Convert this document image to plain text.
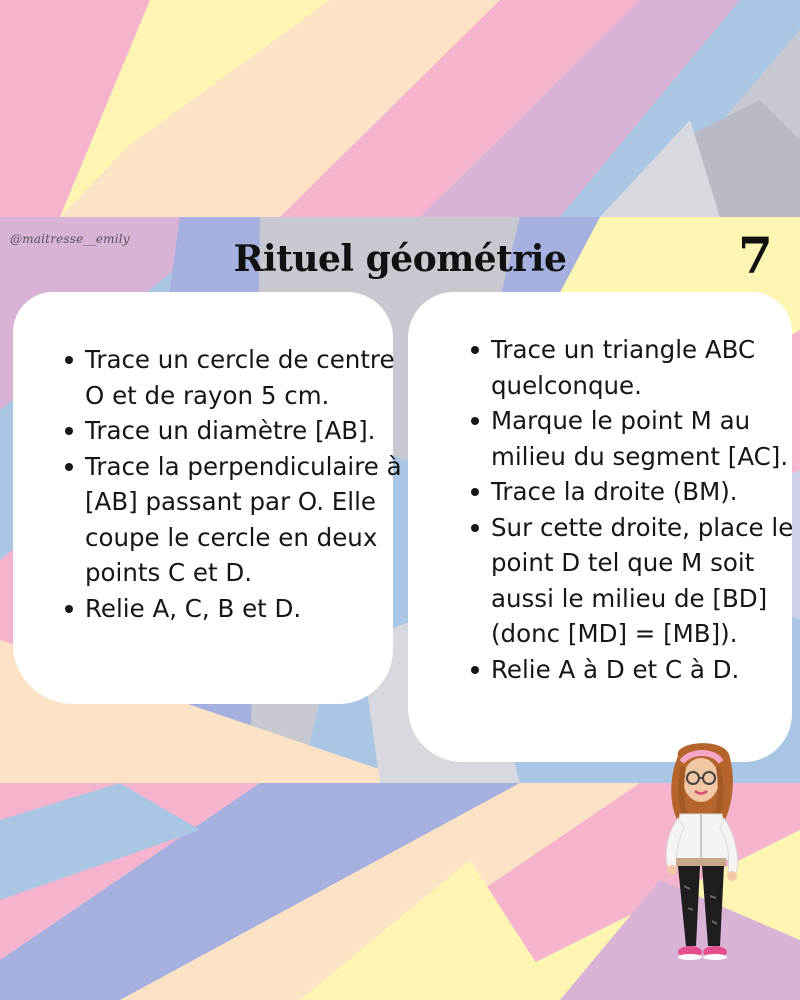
@maitresse__emily	Rituel géométrie	7
Trace un cercle de centre O et de rayon 5 cm.
Trace un diamètre [AB].
Trace la perpendiculaire à [AB] passant par O. Elle coupe le cercle en deux points C et D.
Relie A, C, B et D.
Trace un triangle ABC quelconque.
Marque le point M au milieu du segment [AC].
Trace la droite (BM).
Sur cette droite, place le point D tel que M soit aussi le milieu de [BD] (donc [MD] = [MB]).
Relie A à D et C à D.
